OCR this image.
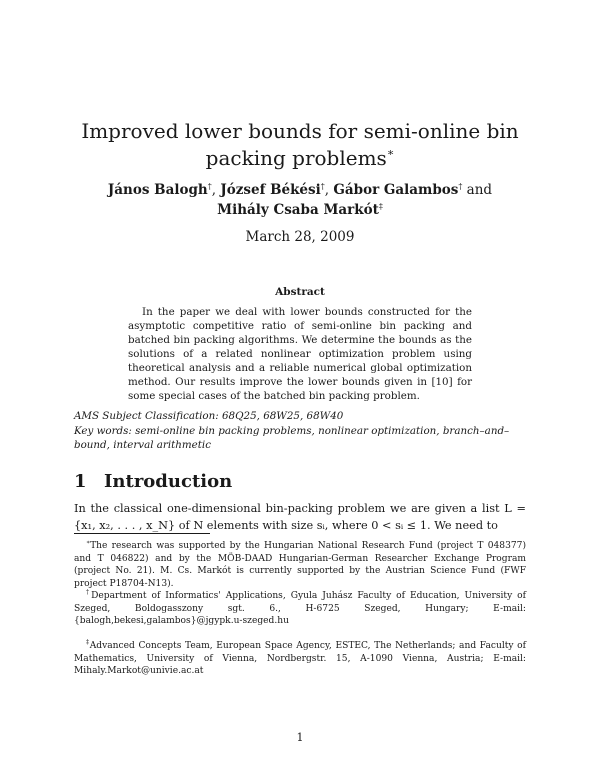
Improved lower bounds for semi-online bin packing problems∗
János Balogh†, József Békési†, Gábor Galambos† and
Mihály Csaba Markót‡
March 28, 2009
Abstract

In the paper we deal with lower bounds constructed for the asymptotic competitive ratio of semi-online bin packing and batched bin packing algorithms. We determine the bounds as the solutions of a related nonlinear optimization problem using theoretical analysis and a reliable numerical global optimization method. Our results improve the lower bounds given in [10] for some special cases of the batched bin packing problem.

AMS Subject Classification: 68Q25, 68W25, 68W40
Key words: semi-online bin packing problems, nonlinear optimization, branch–and–bound, interval arithmetic
1 Introduction

In the classical one-dimensional bin-packing problem we are given a list L = {x₁, x₂, . . . , x_N} of N elements with size sᵢ, where 0 < sᵢ ≤ 1. We need to

∗The research was supported by the Hungarian National Research Fund (project T 048377) and T 046822) and by the MÖB-DAAD Hungarian-German Researcher Exchange Program (project No. 21). M. Cs. Markót is currently supported by the Austrian Science Fund (FWF project P18704-N13).

†Department of Informatics' Applications, Gyula Juhász Faculty of Education, University of Szeged, Boldogasszony sgt. 6., H-6725 Szeged, Hungary; E-mail: {balogh,bekesi,galambos}@jgypk.u-szeged.hu

‡Advanced Concepts Team, European Space Agency, ESTEC, The Netherlands; and Faculty of Mathematics, University of Vienna, Nordbergstr. 15, A-1090 Vienna, Austria; E-mail: Mihaly.Markot@univie.ac.at

1
